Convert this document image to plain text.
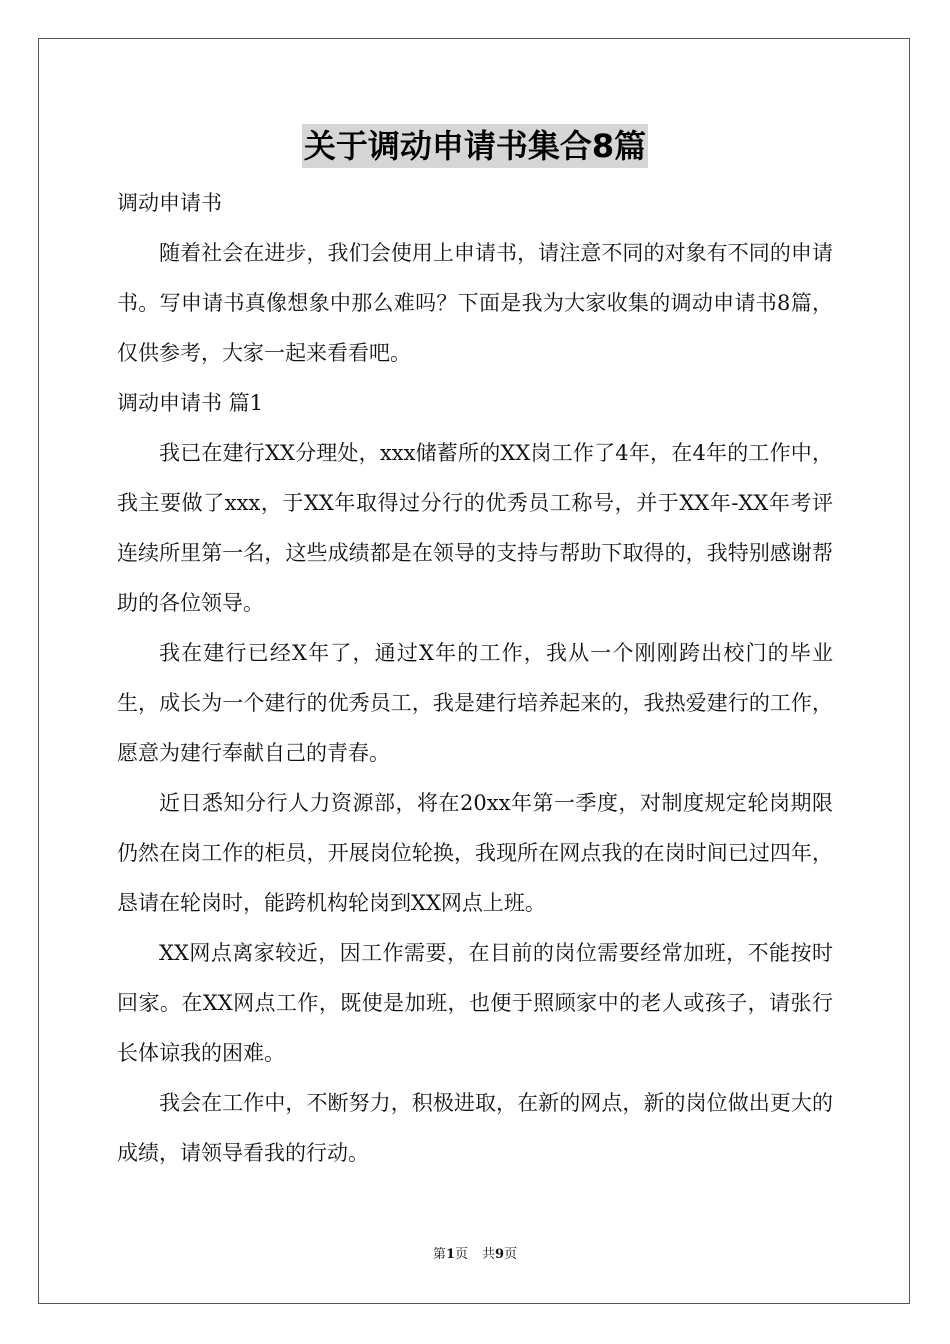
关于调动申请书集合8篇

调动申请书

随着社会在进步，我们会使用上申请书，请注意不同的对象有不同的申请书。写申请书真像想象中那么难吗？下面是我为大家收集的调动申请书8篇，仅供参考，大家一起来看看吧。

调动申请书 篇1

我已在建行XX分理处，xxx储蓄所的XX岗工作了4年，在4年的工作中，我主要做了xxx，于XX年取得过分行的优秀员工称号，并于XX年-XX年考评连续所里第一名，这些成绩都是在领导的支持与帮助下取得的，我特别感谢帮助的各位领导。

我在建行已经X年了，通过X年的工作，我从一个刚刚跨出校门的毕业生，成长为一个建行的优秀员工，我是建行培养起来的，我热爱建行的工作，愿意为建行奉献自己的青春。

近日悉知分行人力资源部，将在20xx年第一季度，对制度规定轮岗期限仍然在岗工作的柜员，开展岗位轮换，我现所在网点我的在岗时间已过四年，恳请在轮岗时，能跨机构轮岗到XX网点上班。

XX网点离家较近，因工作需要，在目前的岗位需要经常加班，不能按时回家。在XX网点工作，既使是加班，也便于照顾家中的老人或孩子，请张行长体谅我的困难。

我会在工作中，不断努力，积极进取，在新的网点，新的岗位做出更大的成绩，请领导看我的行动。

第1页 共9页
